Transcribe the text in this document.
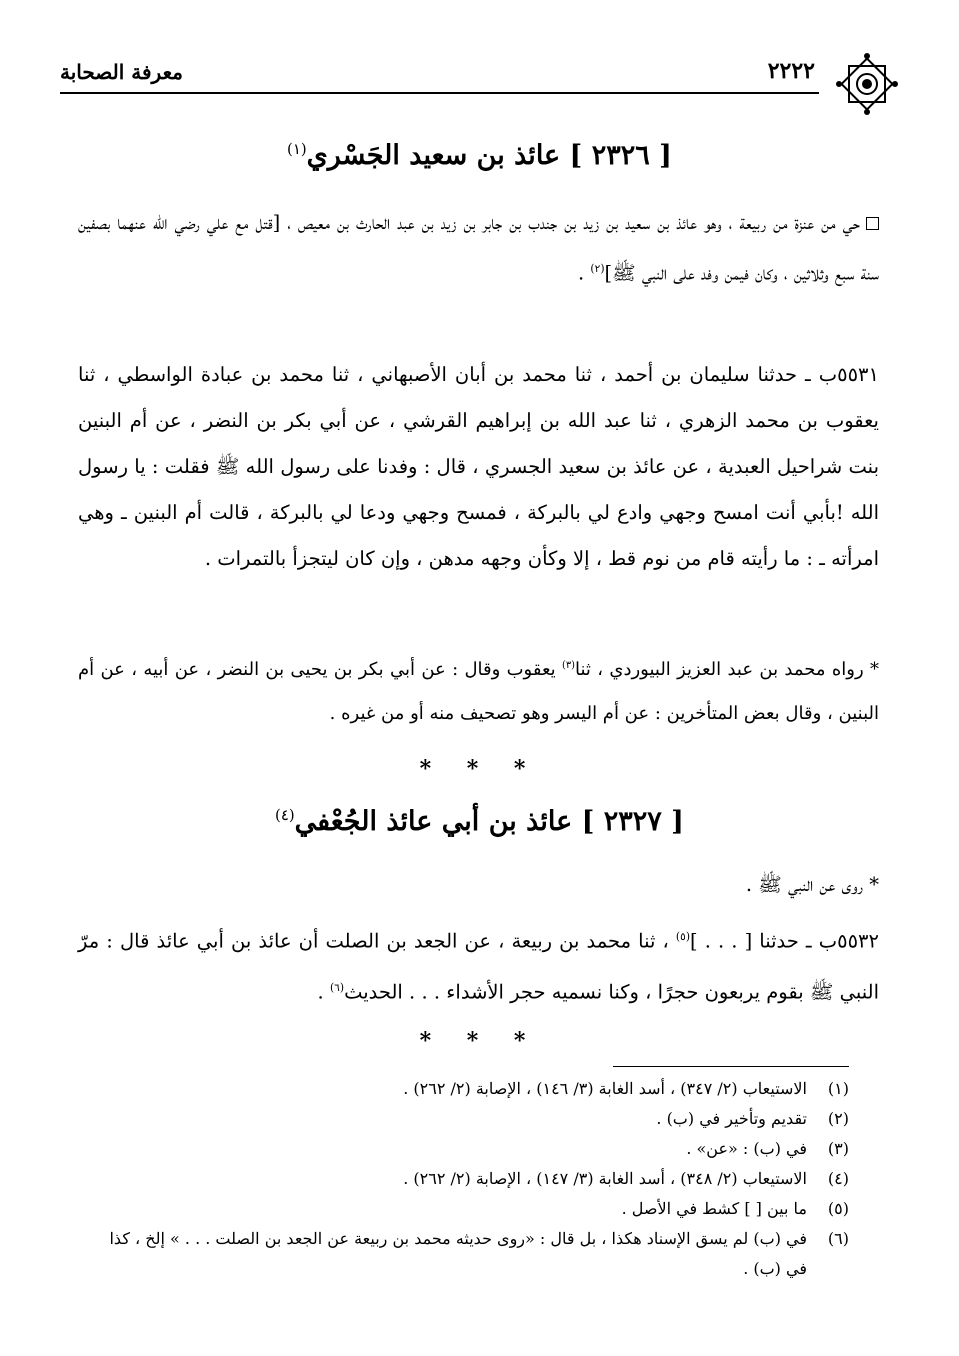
٢٢٢٢
معرفة الصحابة
[ ٢٣٢٦ ] عائذ بن سعيد الجَسْري$^{(١)}$
حي من عنزة من ربيعة ، وهو عائذ بن سعيد بن زيد بن جندب بن جابر بن زيد بن عبد الحارث بن معيص ، [قتل مع علي رضي الله عنهما بصفين سنة سبع وثلاثين ، وكان فيمن وفد على النبي ﷺ]$^{(٢)}$ .
٥٥٣١ب ـ حدثنا سليمان بن أحمد ، ثنا محمد بن أبان الأصبهاني ، ثنا محمد بن عبادة الواسطي ، ثنا يعقوب بن محمد الزهري ، ثنا عبد الله بن إبراهيم القرشي ، عن أبي بكر بن النضر ، عن أم البنين بنت شراحيل العبدية ، عن عائذ بن سعيد الجسري ، قال : وفدنا على رسول الله ﷺ فقلت : يا رسول الله !بأبي أنت امسح وجهي وادع لي بالبركة ، فمسح وجهي ودعا لي بالبركة ، قالت أم البنين ـ وهي امرأته ـ : ما رأيته قام من نوم قط ، إلا وكأن وجهه مدهن ، وإن كان ليتجزأ بالتمرات .
* رواه محمد بن عبد العزيز البيوردي ، ثنا$^{(٣)}$ يعقوب وقال : عن أبي بكر بن يحيى بن النضر ، عن أبيه ، عن أم البنين ، وقال بعض المتأخرين : عن أم اليسر وهو تصحيف منه أو من غيره .
* * *
[ ٢٣٢٧ ] عائذ بن أبي عائذ الجُعْفي$^{(٤)}$
* روى عن النبي ﷺ .
٥٥٣٢ب ـ حدثنا [ . . . ]$^{(٥)}$ ، ثنا محمد بن ربيعة ، عن الجعد بن الصلت أن عائذ بن أبي عائذ قال : مرّ النبي ﷺ بقوم يربعون حجرًا ، وكنا نسميه حجر الأشداء . . . الحديث$^{(٦)}$ .
* * *
(١)
الاستيعاب (٢/ ٣٤٧) ، أسد الغابة (٣/ ١٤٦) ، الإصابة (٢/ ٢٦٢) .
(٢)
تقديم وتأخير في (ب) .
(٣)
في (ب) : «عن» .
(٤)
الاستيعاب (٢/ ٣٤٨) ، أسد الغابة (٣/ ١٤٧) ، الإصابة (٢/ ٢٦٢) .
(٥)
ما بين [ ] كشط في الأصل .
(٦)
في (ب) لم يسق الإسناد هكذا ، بل قال : «روى حديثه محمد بن ربيعة عن الجعد بن الصلت . . . » إلخ ، كذا في (ب) .
